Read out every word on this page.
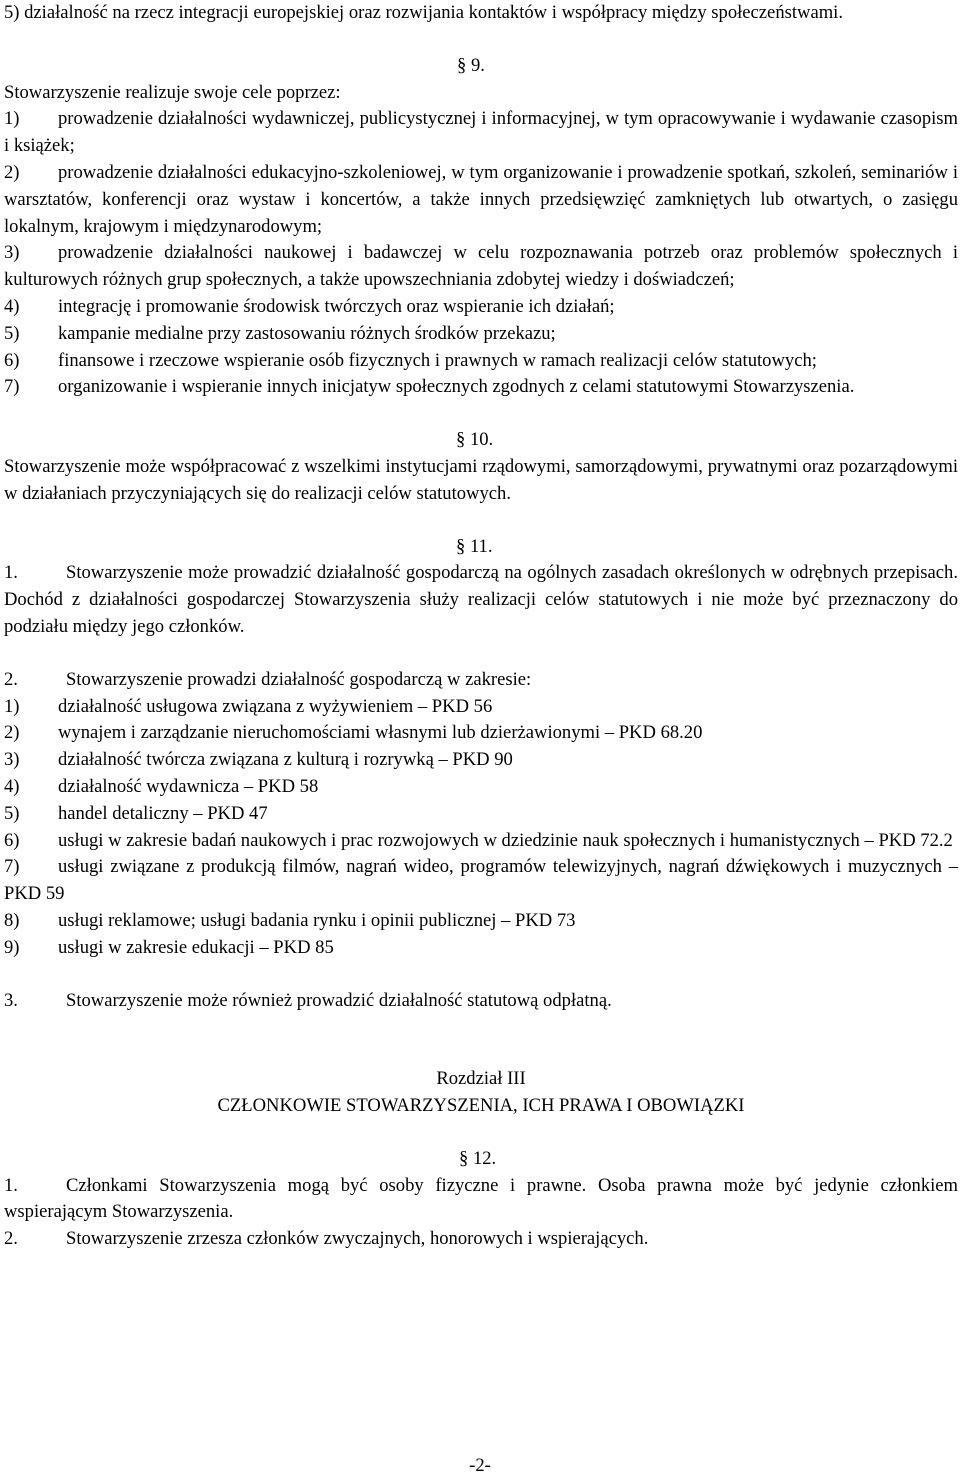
5) działalność na rzecz integracji europejskiej oraz rozwijania kontaktów i współpracy między społeczeństwami.

§ 9.

Stowarzyszenie realizuje swoje cele poprzez:

1) prowadzenie działalności wydawniczej, publicystycznej i informacyjnej, w tym opracowywanie i wydawanie czasopism i książek;

2) prowadzenie działalności edukacyjno-szkoleniowej, w tym organizowanie i prowadzenie spotkań, szkoleń, seminariów i warsztatów, konferencji oraz wystaw i koncertów, a także innych przedsięwzięć zamkniętych lub otwartych, o zasięgu lokalnym, krajowym i międzynarodowym;

3) prowadzenie działalności naukowej i badawczej w celu rozpoznawania potrzeb oraz problemów społecznych i kulturowych różnych grup społecznych, a także upowszechniania zdobytej wiedzy i doświadczeń;

4) integrację i promowanie środowisk twórczych oraz wspieranie ich działań;

5) kampanie medialne przy zastosowaniu różnych środków przekazu;

6) finansowe i rzeczowe wspieranie osób fizycznych i prawnych w ramach realizacji celów statutowych;

7) organizowanie i wspieranie innych inicjatyw społecznych zgodnych z celami statutowymi Stowarzyszenia.

§ 10.

Stowarzyszenie może współpracować z wszelkimi instytucjami rządowymi, samorządowymi, prywatnymi oraz pozarządowymi w działaniach przyczyniających się do realizacji celów statutowych.

§ 11.

1.	Stowarzyszenie może prowadzić działalność gospodarczą na ogólnych zasadach określonych w odrębnych przepisach. Dochód z działalności gospodarczej Stowarzyszenia służy realizacji celów statutowych i nie może być przeznaczony do podziału między jego członków.

2.	Stowarzyszenie prowadzi działalność gospodarczą w zakresie:

1) działalność usługowa związana z wyżywieniem – PKD 56

2) wynajem i zarządzanie nieruchomościami własnymi lub dzierżawionymi – PKD 68.20

3) działalność twórcza związana z kulturą i rozrywką – PKD 90

4) działalność wydawnicza – PKD 58

5) handel detaliczny – PKD 47

6) usługi w zakresie badań naukowych i prac rozwojowych w dziedzinie nauk społecznych i humanistycznych – PKD 72.2

7) usługi związane z produkcją filmów, nagrań wideo, programów telewizyjnych, nagrań dźwiękowych i muzycznych – PKD 59

8) usługi reklamowe; usługi badania rynku i opinii publicznej – PKD 73

9) usługi w zakresie edukacji – PKD 85

3.	Stowarzyszenie może również prowadzić działalność statutową odpłatną.

Rozdział III

CZŁONKOWIE STOWARZYSZENIA, ICH PRAWA I OBOWIĄZKI

§ 12.

1.	Członkami Stowarzyszenia mogą być osoby fizyczne i prawne. Osoba prawna może być jedynie członkiem wspierającym Stowarzyszenia.

2.	Stowarzyszenie zrzesza członków zwyczajnych, honorowych i wspierających.

-2-
